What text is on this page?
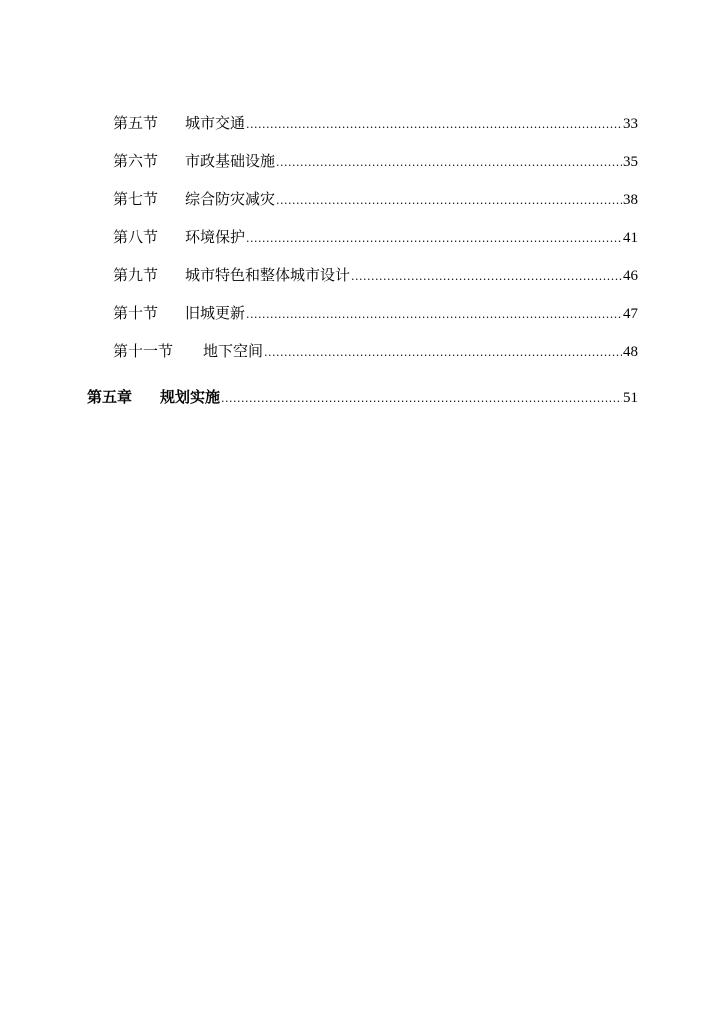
第五节	城市交通 .....	33
第六节	市政基础设施 .....	35
第七节	综合防灾减灾 .....	38
第八节	环境保护 .....	41
第九节	城市特色和整体城市设计 .....	46
第十节	旧城更新 .....	47
第十一节	地下空间 .....	48
第五章	规划实施 .....	51
